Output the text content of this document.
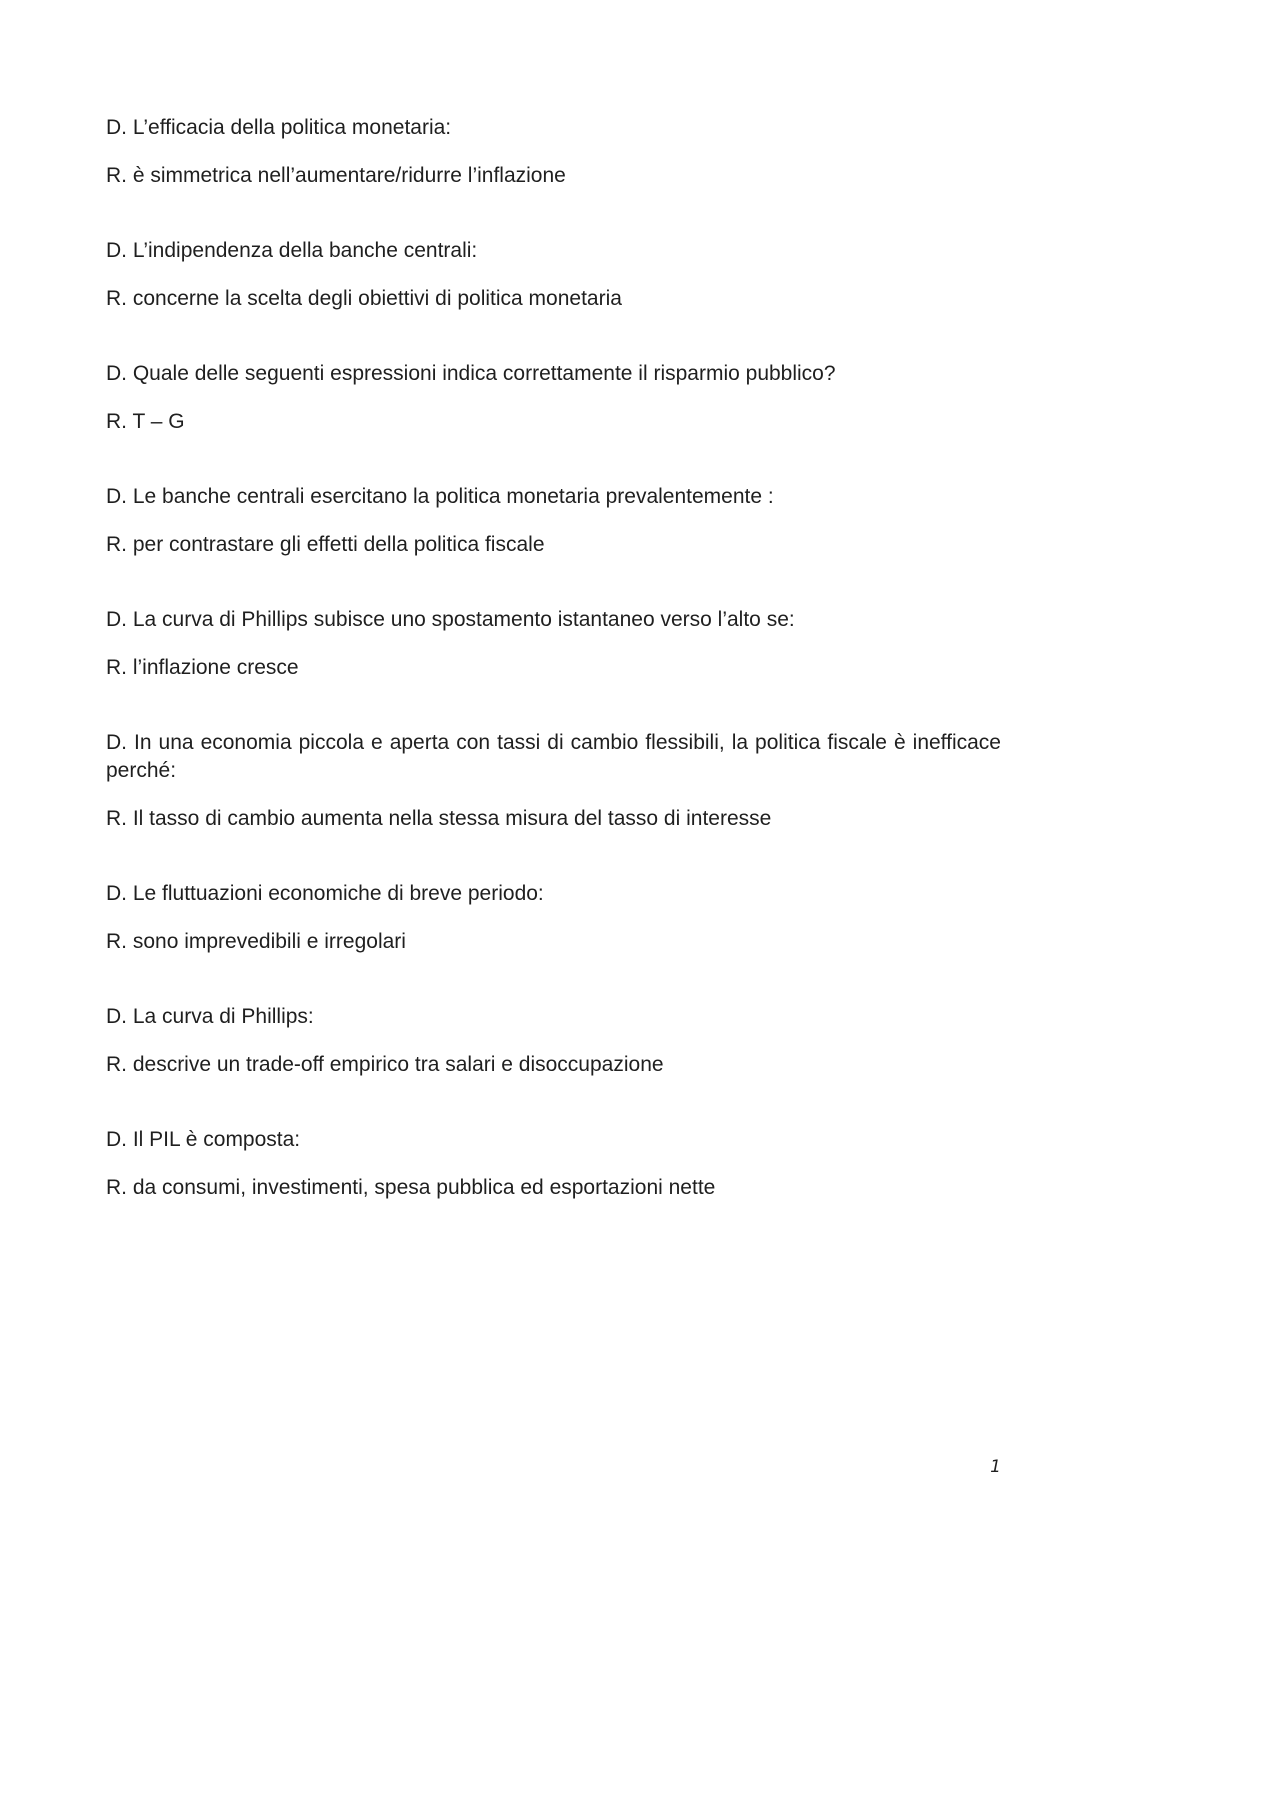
D. L’efficacia della politica monetaria:

R. è simmetrica nell’aumentare/ridurre l’inflazione

D. L’indipendenza della banche centrali:

R. concerne la scelta degli obiettivi di politica monetaria

D. Quale delle seguenti espressioni indica correttamente il risparmio pubblico?

R. T – G

D. Le banche centrali esercitano la politica monetaria prevalentemente :

R. per contrastare gli effetti della politica fiscale

D. La curva di Phillips subisce uno spostamento istantaneo verso l’alto se:

R. l’inflazione cresce

D. In una economia piccola e aperta con tassi di cambio flessibili, la politica fiscale è inefficace perché:

R. Il tasso di cambio aumenta nella stessa misura del tasso di interesse

D. Le fluttuazioni economiche di breve periodo:

R. sono imprevedibili e irregolari

D. La curva di Phillips:

R. descrive un trade-off empirico tra salari e disoccupazione

D. Il PIL è composta:

R. da consumi, investimenti, spesa pubblica ed esportazioni nette

1
